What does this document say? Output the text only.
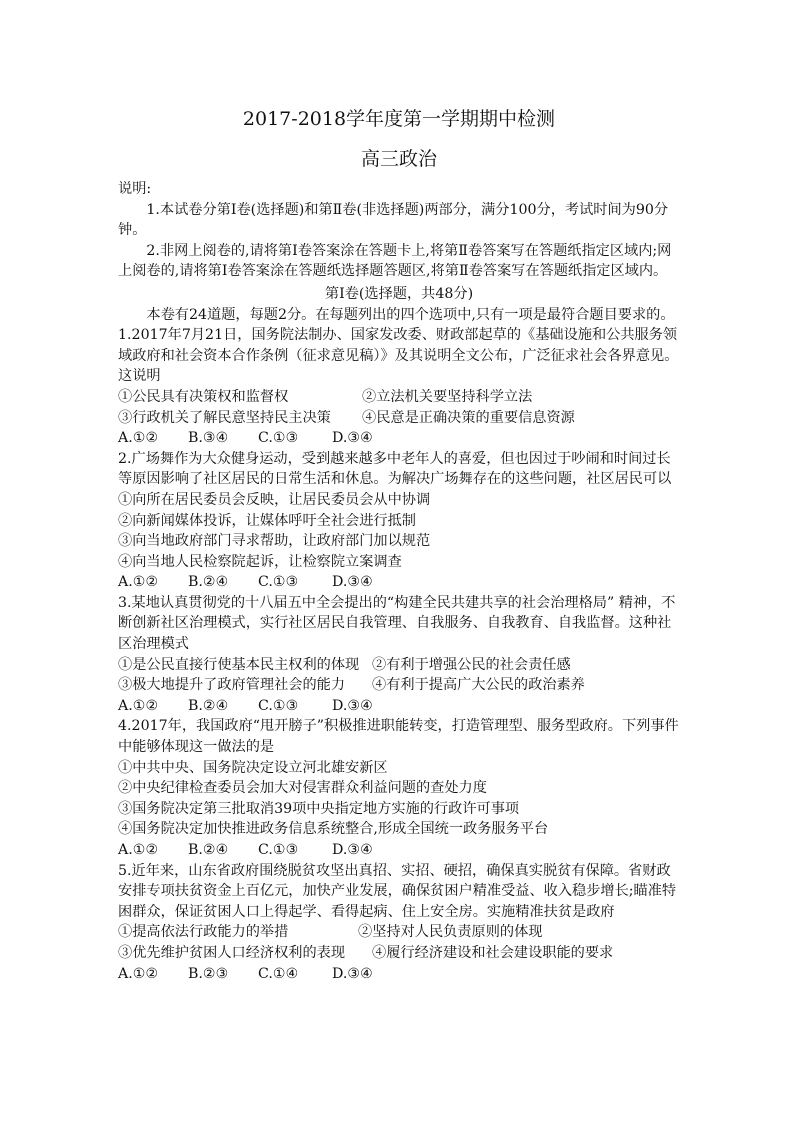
2017-2018学年度第一学期期中检测
高三政治
说明:
1.本试卷分第Ⅰ卷(选择题)和第Ⅱ卷(非选择题)两部分，满分100分，考试时间为90分钟。
2.非网上阅卷的,请将第Ⅰ卷答案涂在答题卡上,将第Ⅱ卷答案写在答题纸指定区域内;网上阅卷的,请将第Ⅰ卷答案涂在答题纸选择题答题区,将第Ⅱ卷答案写在答题纸指定区域内。
第Ⅰ卷(选择题，共48分)
本卷有24道题，每题2分。在每题列出的四个选项中,只有一项是最符合题目要求的。
1.2017年7月21日，国务院法制办、国家发改委、财政部起草的《基础设施和公共服务领域政府和社会资本合作条例（征求意见稿）》及其说明全文公布，广泛征求社会各界意见。这说明
①公民具有决策权和监督权	②立法机关要坚持科学立法
③行政机关了解民意坚持民主决策	④民意是正确决策的重要信息资源
A.①②	B.③④	C.①③	D.③④
2.广场舞作为大众健身运动，受到越来越多中老年人的喜爱，但也因过于吵闹和时间过长等原因影响了社区居民的日常生活和休息。为解决广场舞存在的这些问题，社区居民可以
①向所在居民委员会反映，让居民委员会从中协调
②向新闻媒体投诉，让媒体呼吁全社会进行抵制
③向当地政府部门寻求帮助，让政府部门加以规范
④向当地人民检察院起诉，让检察院立案调查
A.①②	B.②④	C.①③	D.③④
3.某地认真贯彻党的十八届五中全会提出的“构建全民共建共享的社会治理格局” 精神，不断创新社区治理模式，实行社区居民自我管理、自我服务、自我教育、自我监督。这种社区治理模式
①是公民直接行使基本民主权利的体现 ②有利于增强公民的社会责任感
③极大地提升了政府管理社会的能力	④有利于提高广大公民的政治素养
A.①②	B.②④	C.①③	D.③④
4.2017年，我国政府“甩开膀子”积极推进职能转变，打造管理型、服务型政府。下列事件中能够体现这一做法的是
①中共中央、国务院决定设立河北雄安新区
②中央纪律检查委员会加大对侵害群众利益问题的查处力度
③国务院决定第三批取消39项中央指定地方实施的行政许可事项
④国务院决定加快推进政务信息系统整合,形成全国统一政务服务平台
A.①②	B.②④	C.①③	D.③④
5.近年来，山东省政府围绕脱贫攻坚出真招、实招、硬招，确保真实脱贫有保障。省财政安排专项扶贫资金上百亿元，加快产业发展，确保贫困户精准受益、收入稳步增长;瞄准特困群众，保证贫困人口上得起学、看得起病、住上安全房。实施精准扶贫是政府
①提高依法行政能力的举措	②坚持对人民负责原则的体现
③优先维护贫困人口经济权利的表现	④履行经济建设和社会建设职能的要求
A.①②	B.②③	C.①④	D.③④
